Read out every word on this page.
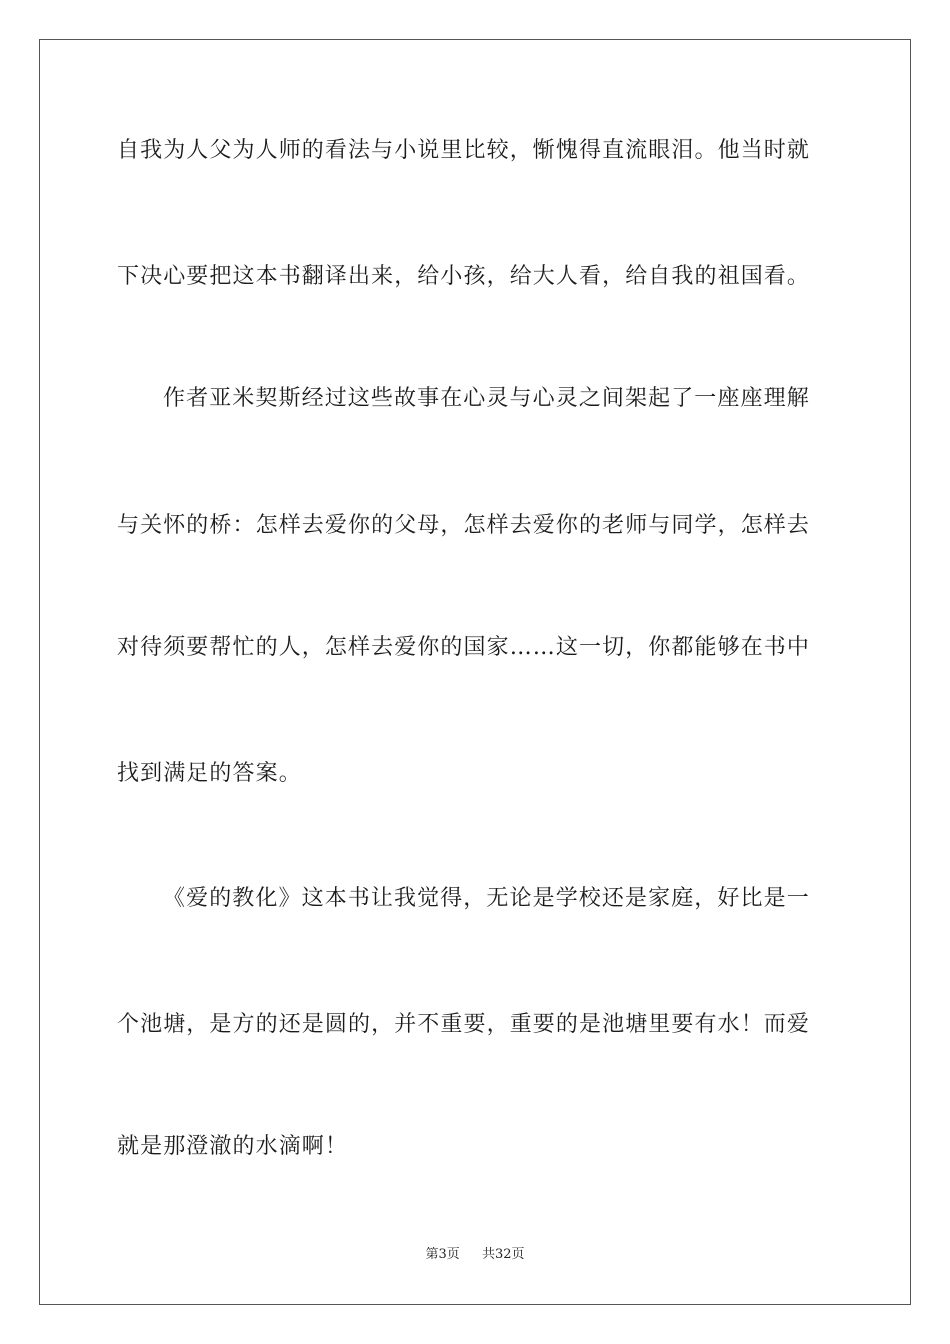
自我为人父为人师的看法与小说里比较，惭愧得直流眼泪。他当时就
下决心要把这本书翻译出来，给小孩，给大人看，给自我的祖国看。
作者亚米契斯经过这些故事在心灵与心灵之间架起了一座座理解
与关怀的桥：怎样去爱你的父母，怎样去爱你的老师与同学，怎样去
对待须要帮忙的人，怎样去爱你的国家……这一切，你都能够在书中
找到满足的答案。
《爱的教化》这本书让我觉得，无论是学校还是家庭，好比是一
个池塘，是方的还是圆的，并不重要，重要的是池塘里要有水！而爱
就是那澄澈的水滴啊！
第3页 共32页
